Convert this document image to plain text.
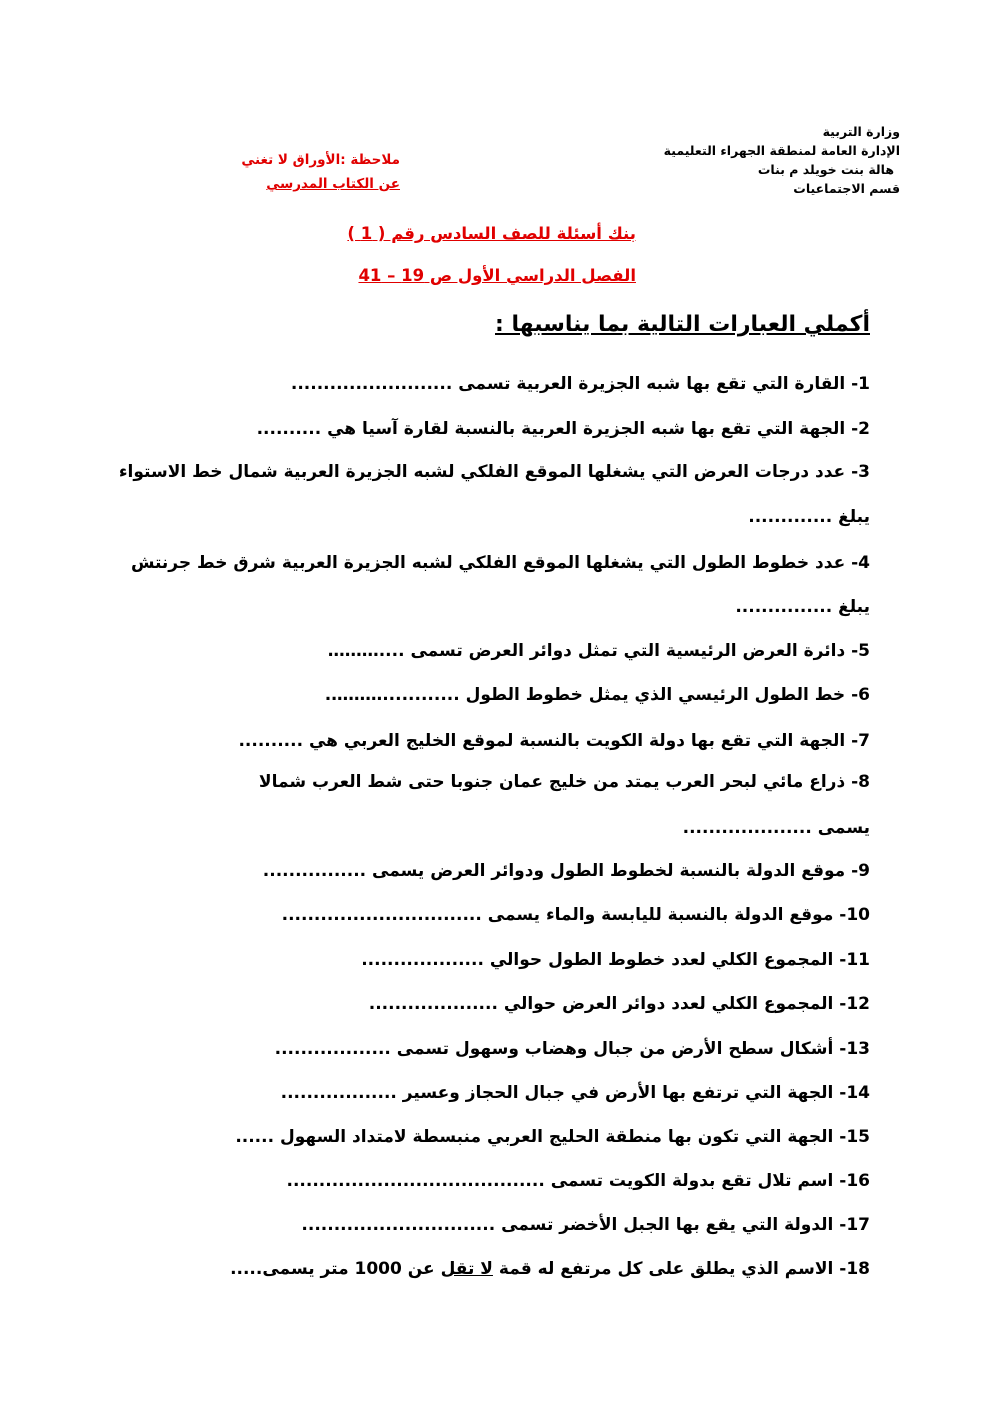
وزارة التربية
الإدارة العامة لمنطقة الجهراء التعليمية
هالة بنت خويلد م بنات
قسم الاجتماعيات
ملاحظة :الأوراق لا تغني
عن الكتاب المدرسي
بنك أسئلة للصف السادس رقم ( 1 )
الفصل الدراسي الأول ص 19 – 41
أكملي العبارات التالية بما يناسبها :
1- القارة التي تقع بها شبه الجزيرة العربية تسمى .........................
2- الجهة التي تقع بها شبه الجزيرة العربية بالنسبة لقارة آسيا هي ..........
3- عدد درجات العرض التي يشغلها الموقع الفلكي لشبه الجزيرة العربية شمال خط الاستواء
يبلغ .............
4- عدد خطوط الطول التي يشغلها الموقع الفلكي لشبه الجزيرة العربية شرق خط جرنتش
يبلغ ...............
5- دائرة العرض الرئيسية التي تمثل دوائر العرض تسمى ....………
6- خط الطول الرئيسي الذي يمثل خطوط الطول ............……….
7- الجهة التي تقع بها دولة الكويت بالنسبة لموقع الخليج العربي هي ..........
8- ذراع مائي لبحر العرب يمتد من خليج عمان جنوبا حتى شط العرب شمالا
يسمى ....................
9- موقع الدولة بالنسبة لخطوط الطول ودوائر العرض يسمى ................
10- موقع الدولة بالنسبة لليابسة والماء يسمى ...............................
11- المجموع الكلي لعدد خطوط الطول حوالي ...................
12- المجموع الكلي لعدد دوائر العرض حوالي ....................
13- أشكال سطح الأرض من جبال وهضاب وسهول تسمى ..................
14- الجهة التي ترتفع بها الأرض في جبال الحجاز وعسير ..................
15- الجهة التي تكون بها منطقة الحليج العربي منبسطة لامتداد السهول ......
16- اسم تلال تقع بدولة الكويت تسمى ........................................
17- الدولة التي يقع بها الجبل الأخضر تسمى ..............................
18- الاسم الذي يطلق على كل مرتفع له قمة لا تقل عن 1000 متر يسمى.....
